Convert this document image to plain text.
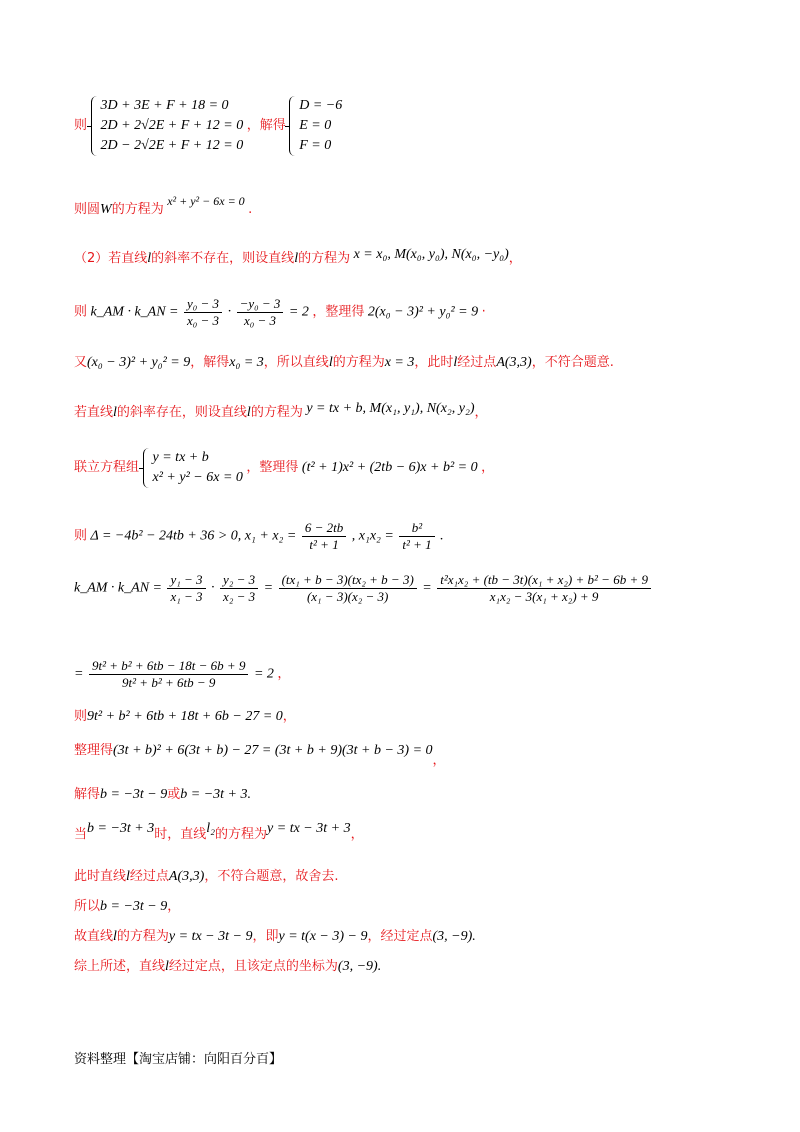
则
3D + 3E + F + 18 = 0
2D + 2√2E + F + 12 = 0
2D − 2√2E + F + 12 = 0
，解得
D = −6
E = 0
F = 0
则圆W的方程为 x² + y² − 6x = 0 .
（2）若直线l的斜率不存在，则设直线l的方程为 x = x₀, M(x₀, y₀), N(x₀, −y₀)，
则 k_AM · k_AN = $\frac{\text{y₀ − 3}}{\text{x₀ − 3}} \cdot \frac{\text{−y₀ − 3}}{\text{x₀ − 3}} = 2$ ，整理得 2(x₀ − 3)² + y₀² = 9 ·
又(x₀ − 3)² + y₀² = 9，解得x₀ = 3，所以直线l的方程为x = 3，此时l经过点A(3,3)，不符合题意.
若直线l的斜率存在，则设直线l的方程为 y = tx + b, M(x₁, y₁), N(x₂, y₂)，
联立方程组
y = tx + b
x² + y² − 6x = 0
，整理得 (t² + 1)x² + (2tb − 6)x + b² = 0 ，
则 Δ = −4b² − 24tb + 36 > 0, $x_1 + x_2 = \frac{6 - 2tb}{\text{t² + 1}}$ , $x_1x_2 = \frac{\text{b²}}{\text{t² + 1}}$ .
k_AM · k_AN = $\frac{\text{y₁ − 3}}{\text{x₁ − 3}} \cdot \frac{\text{y₂ − 3}}{\text{x₂ − 3}} = \frac{\text{(tx₁ + b − 3)(tx₂ + b − 3)}}{\text{(x₁ − 3)(x₂ − 3)}} = \frac{\text{t²x₁x₂ + (tb − 3t)(x₁ + x₂) + b² − 6b + 9}}{\text{x₁x₂ − 3(x₁ + x₂) + 9}}$
= $\frac{\text{9t² + b² + 6tb − 18t − 6b + 9}}{\text{9t² + b² + 6tb − 9}} = 2$ ，
则9t² + b² + 6tb + 18t + 6b − 27 = 0，
整理得(3t + b)² + 6(3t + b) − 27 = (3t + b + 9)(3t + b − 3) = 0，
解得b = −3t − 9或b = −3t + 3.
当b = −3t + 3时，直线l₂的方程为y = tx − 3t + 3，
此时直线l经过点A(3,3)，不符合题意，故舍去.
所以b = −3t − 9，
故直线l的方程为y = tx − 3t − 9，即y = t(x − 3) − 9，经过定点(3, −9).
综上所述，直线l经过定点，且该定点的坐标为(3, −9).
资料整理【淘宝店铺：向阳百分百】
